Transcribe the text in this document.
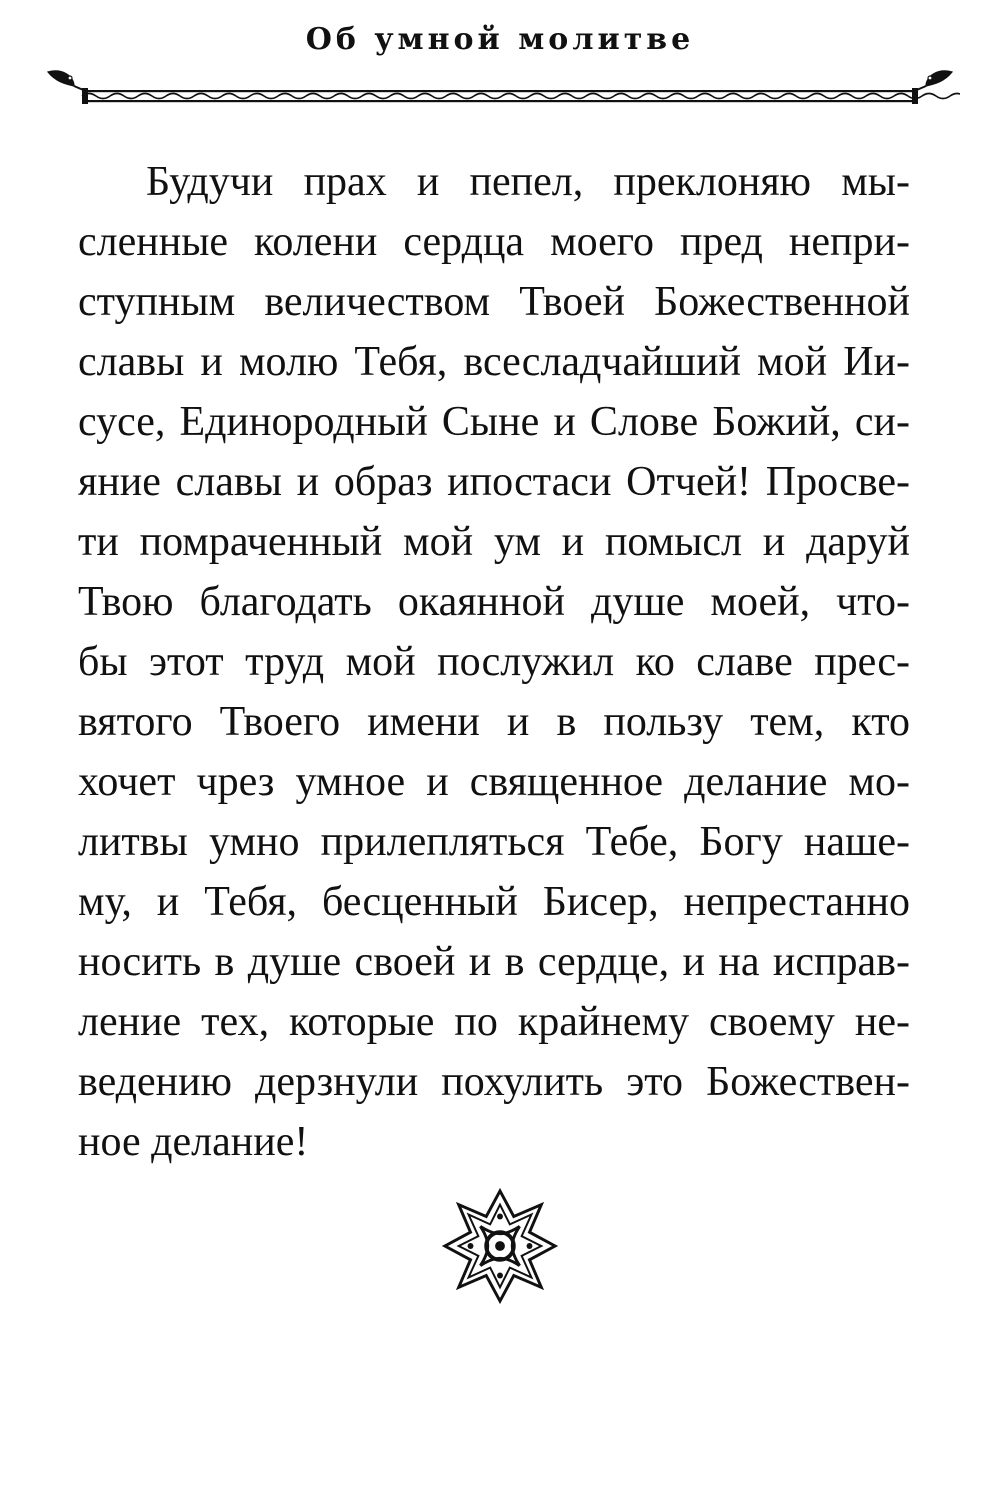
Об умной молитве
Будучи прах и пепел, преклоняю мы-
сленные колени сердца моего пред непри-
ступным величеством Твоей Божественной
славы и молю Тебя, всесладчайший мой Ии-
сусе, Единородный Сыне и Слове Божий, си-
яние славы и образ ипостаси Отчей! Просве-
ти помраченный мой ум и помысл и даруй
Твою благодать окаянной душе моей, что-
бы этот труд мой послужил ко славе прес-
вятого Твоего имени и в пользу тем, кто
хочет чрез умное и священное делание мо-
литвы умно прилепляться Тебе, Богу наше-
му, и Тебя, бесценный Бисер, непрестанно
носить в душе своей и в сердце, и на исправ-
ление тех, которые по крайнему своему не-
ведению дерзнули похулить это Божествен-
ное делание!
